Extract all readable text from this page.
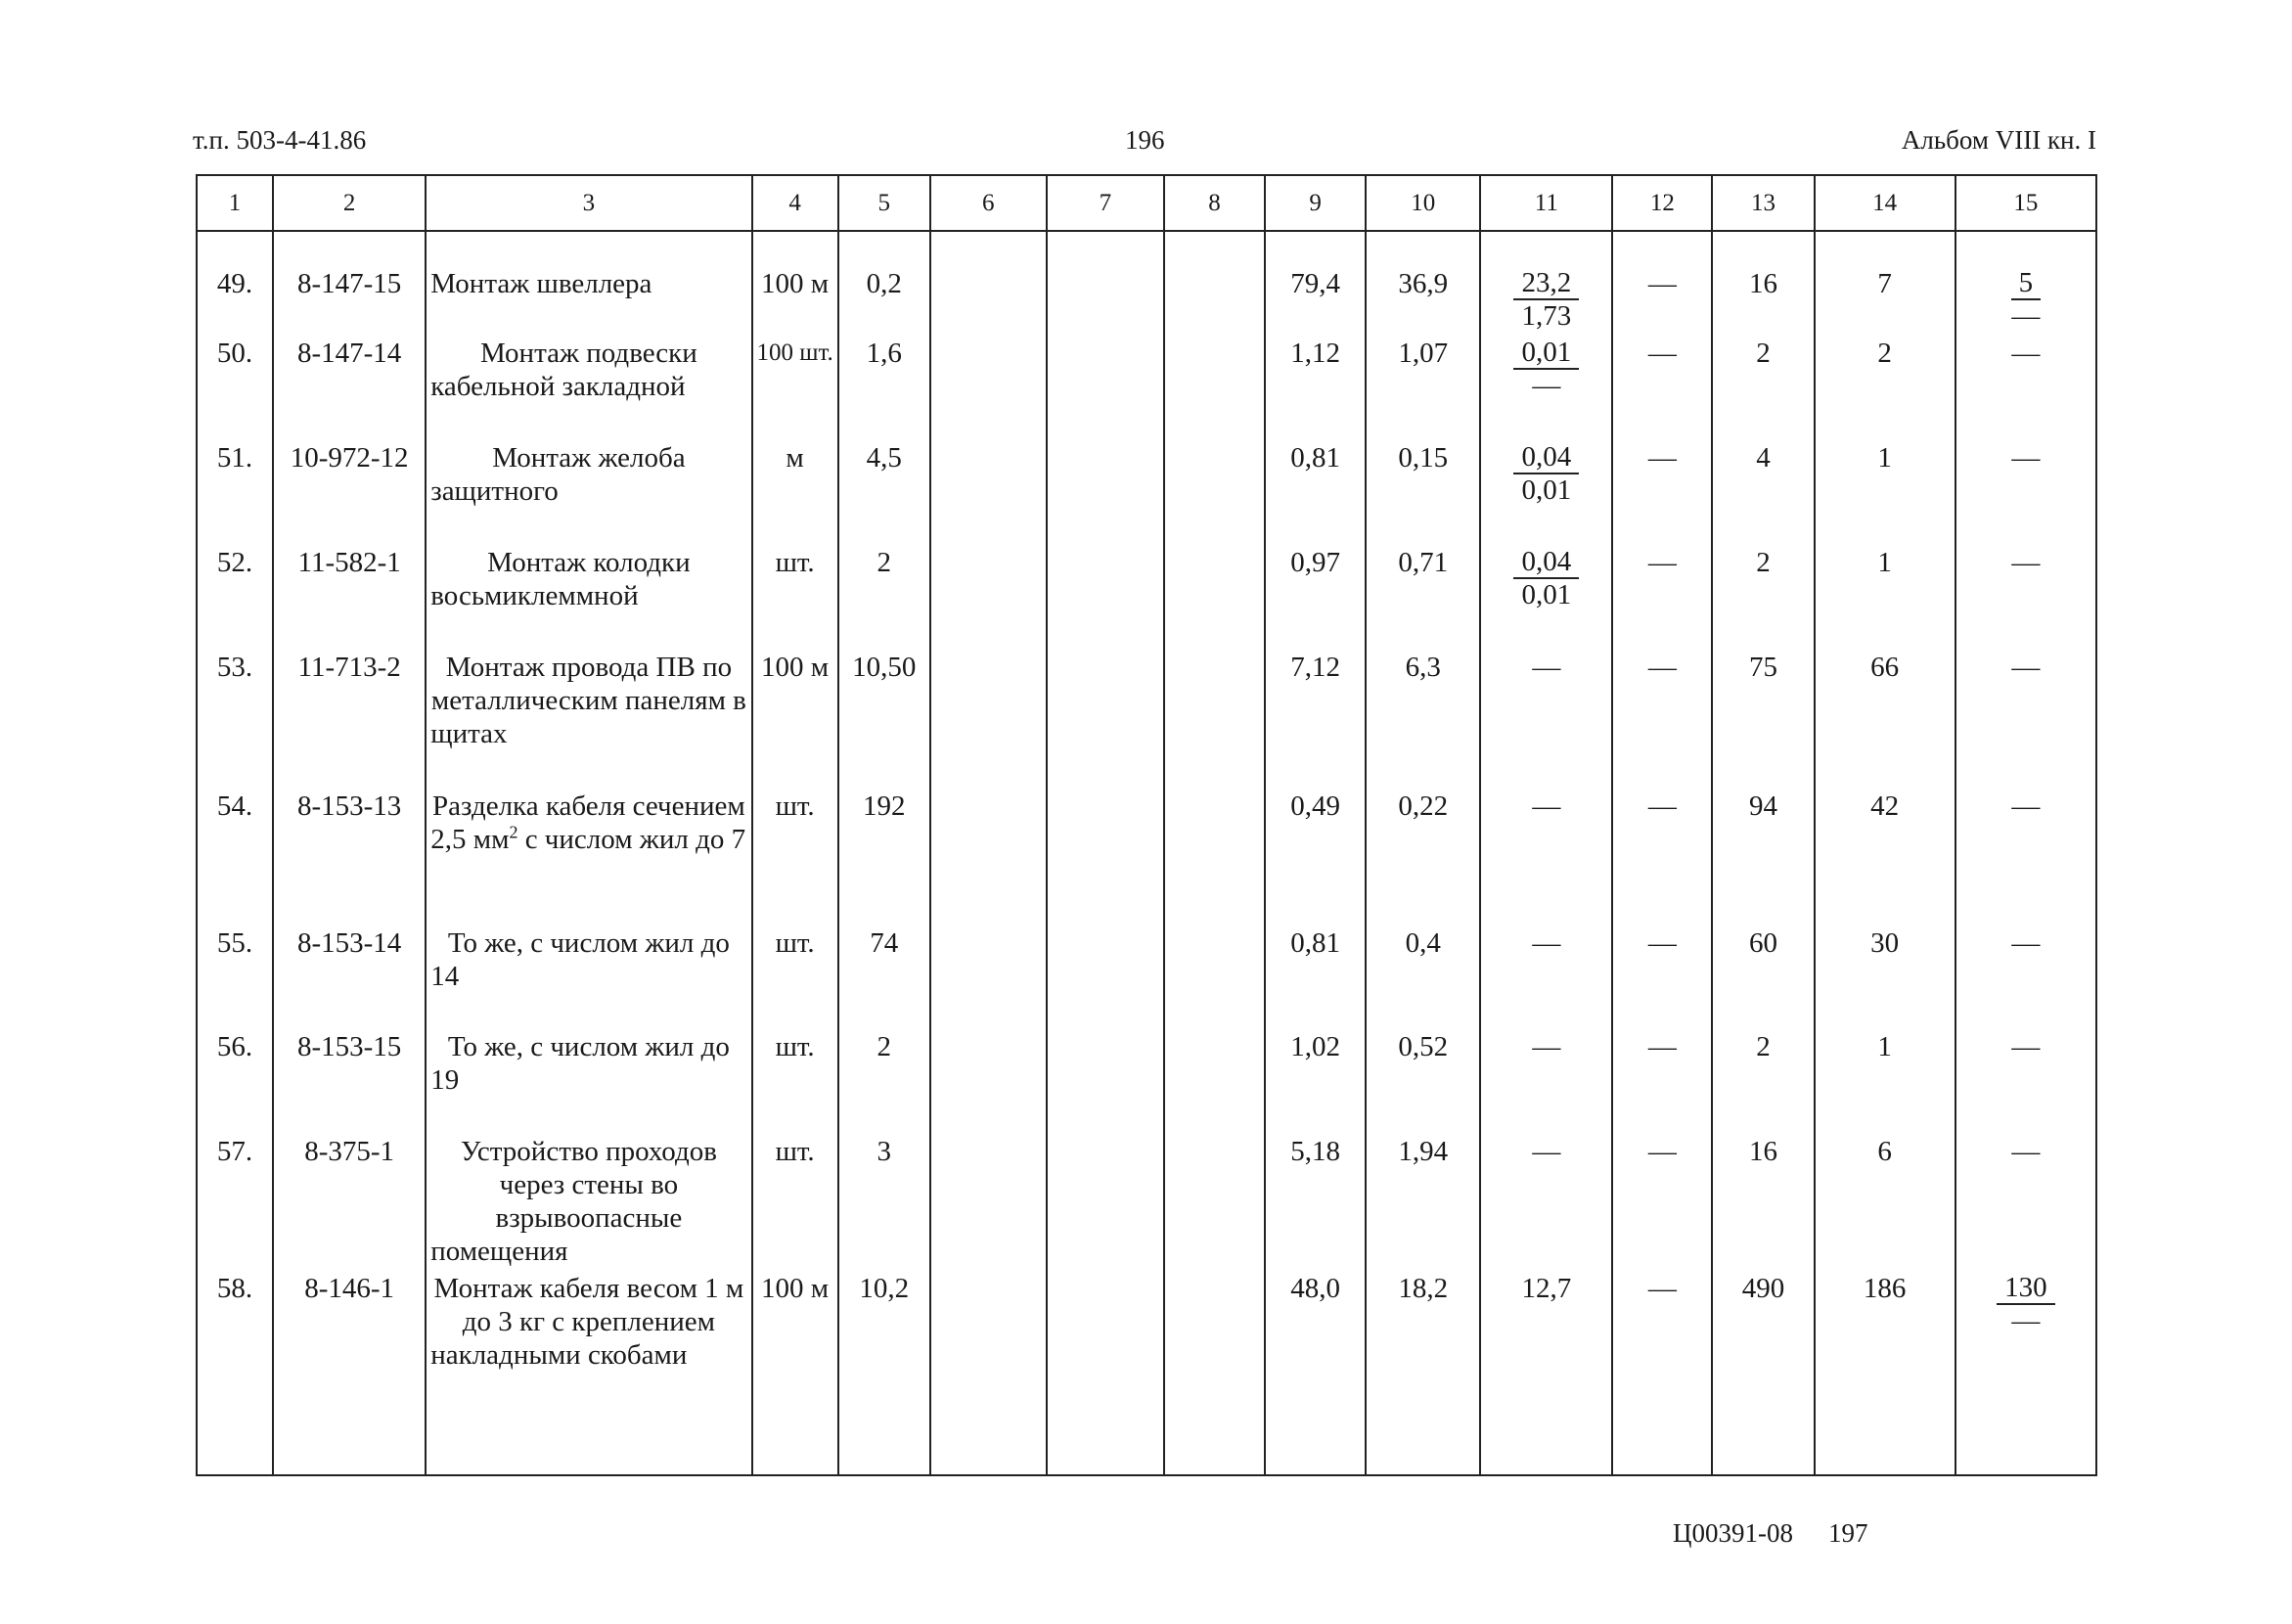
т.п. 503-4-41.86	196	Альбом VIII кн. I
1	2	3	4	5	6	7	8	9	10	11	12	13	14	15
49.	8-147-15	Монтаж швеллера	100 м	0,2				79,4	36,9	$\frac{23,2}{1,73}$	—	16	7	$\frac{5}{—}$

50.	8-147-14	Монтаж подвески кабельной закладной	100 шт.	1,6				1,12	1,07	$\frac{0,01}{—}$	—	2	2	—
51.	10-972-12	Монтаж желоба защитного	м	4,5				0,81	0,15	$\frac{0,04}{0,01}$	—	4	1	—
52.	11-582-1	Монтаж колодки восьмиклеммной	шт.	2				0,97	0,71	$\frac{0,04}{0,01}$	—	2	1	—
53.	11-713-2	Монтаж провода ПВ по металлическим панелям в щитах	100 м	10,50				7,12	6,3	—	—	75	66	—
54.	8-153-13	Разделка кабеля сечением 2,5 $мм^2$ с числом жил до 7	шт.	192				0,49	0,22	—	—	94	42	—
55.	8-153-14	То же, с числом жил до 14	шт.	74				0,81	0,4	—	—	60	30	—
56.	8-153-15	То же, с числом жил до 19	шт.	2				1,02	0,52	—	—	2	1	—
57.	8-375-1	Устройство проходов через стены во взрывоопасные помещения	шт.	3				5,18	1,94	—	—	16	6	—
58.	8-146-1	Монтаж кабеля весом 1 м до 3 кг с креплением накладными скобами	100 м	10,2				48,0	18,2	12,7	—	490	186	$\frac{130}{—}$
Ц00391-08 197
